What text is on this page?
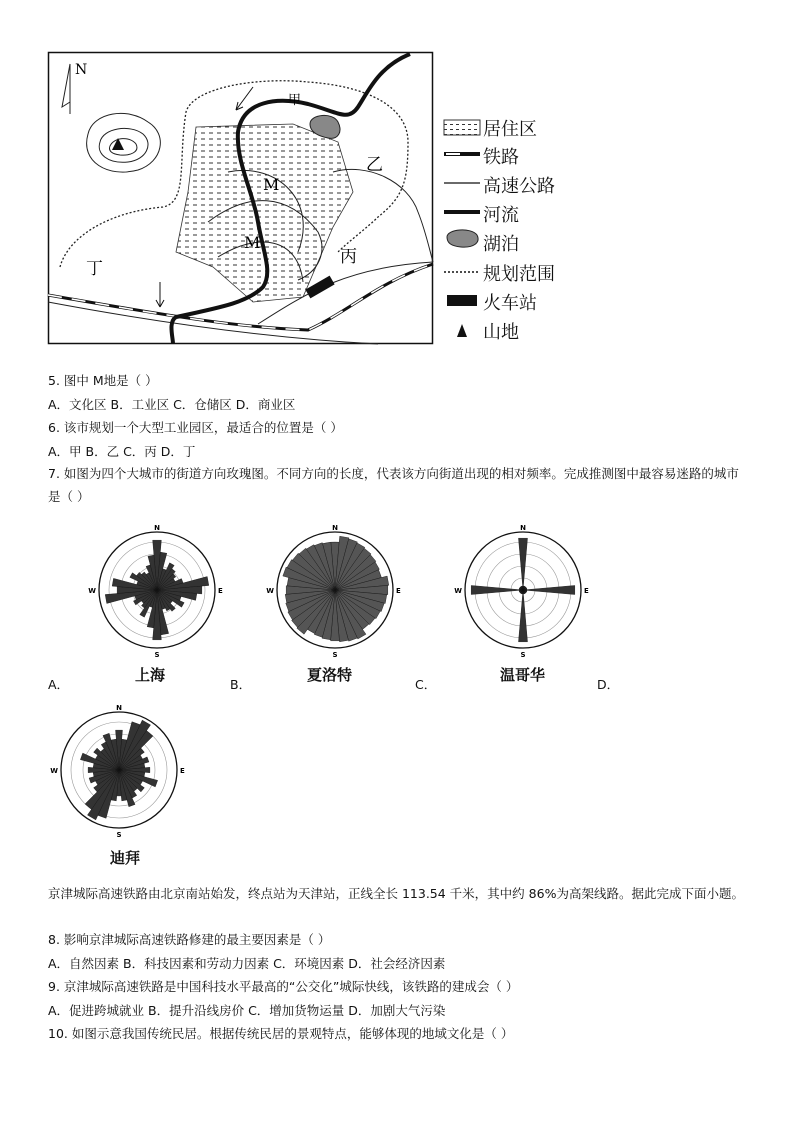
N
甲
乙
丙
丁
M
M
居住区
铁路
高速公路
河流
湖泊
规划范围
火车站
山地
5. 图中 M地是（ ）
A．文化区 B．工业区 C．仓储区 D．商业区
6. 该市规划一个大型工业园区，最适合的位置是（ ）
A．甲 B．乙 C．丙 D．丁
7. 如图为四个大城市的街道方向玫瑰图。不同方向的长度，代表该方向街道出现的相对频率。完成推测图中最容易迷路的城市是（ ）
N
S
E
W
N
S
E
W
N
S
E
W
N
S
E
W
上海	夏洛特	温哥华
迪拜
A．	B．	C．	D．
京津城际高速铁路由北京南站始发，终点站为天津站，正线全长 113.54 千米，其中约 86%为高架线路。据此完成下面小题。
8. 影响京津城际高速铁路修建的最主要因素是（ ）
A．自然因素 B．科技因素和劳动力因素 C．环境因素 D．社会经济因素
9. 京津城际高速铁路是中国科技水平最高的“公交化”城际快线，该铁路的建成会（ ）
A．促进跨城就业 B．提升沿线房价 C．增加货物运量 D．加剧大气污染
10. 如图示意我国传统民居。根据传统民居的景观特点，能够体现的地域文化是（ ）
